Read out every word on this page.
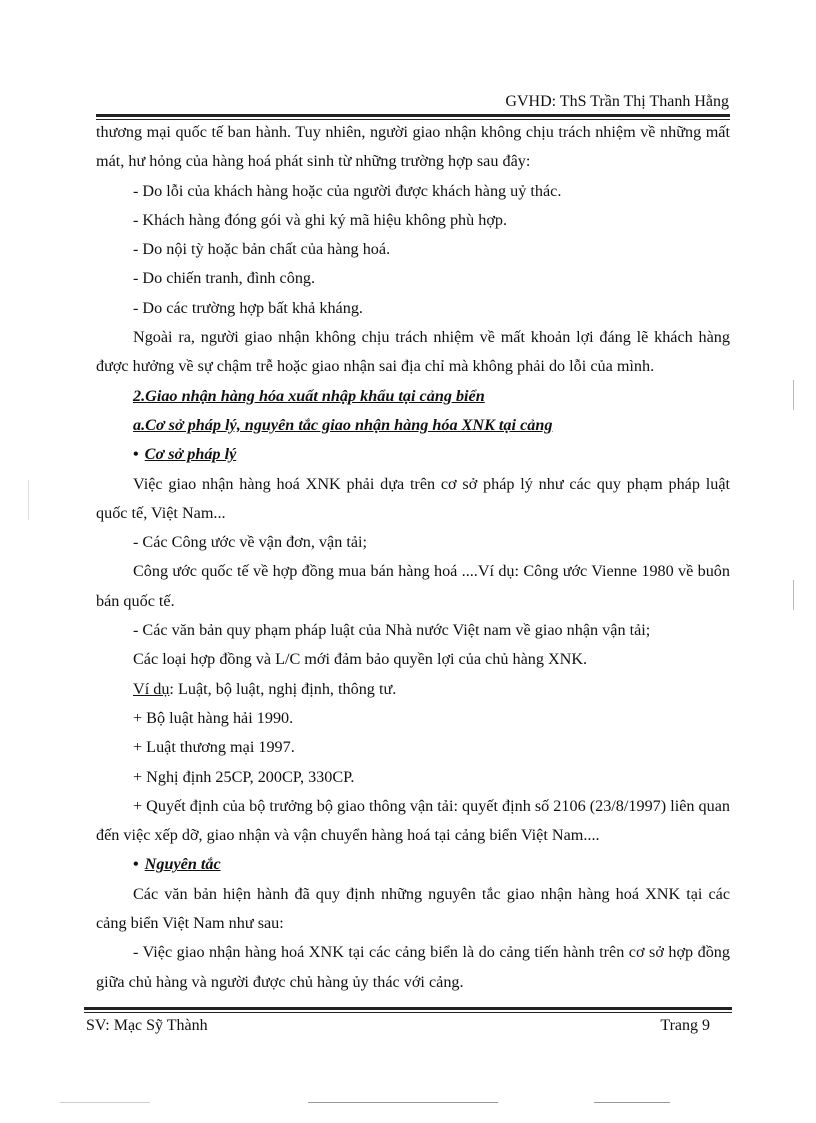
GVHD: ThS Trần Thị Thanh Hằng

thương mại quốc tế ban hành. Tuy nhiên, người giao nhận không chịu trách nhiệm về những mất mát, hư hỏng của hàng hoá phát sinh từ những trường hợp sau đây:

- Do lỗi của khách hàng hoặc của người được khách hàng uỷ thác.

- Khách hàng đóng gói và ghi ký mã hiệu không phù hợp.

- Do nội tỳ hoặc bản chất của hàng hoá.

- Do chiến tranh, đình công.

- Do các trường hợp bất khả kháng.

Ngoài ra, người giao nhận không chịu trách nhiệm về mất khoản lợi đáng lẽ khách hàng được hưởng về sự chậm trễ hoặc giao nhận sai địa chỉ mà không phải do lỗi của mình.

2.Giao nhận hàng hóa xuất nhập khẩu tại cảng biển

a.Cơ sở pháp lý, nguyên tắc giao nhận hàng hóa XNK tại cảng

• Cơ sở pháp lý

Việc giao nhận hàng hoá XNK phải dựa trên cơ sở pháp lý như các quy phạm pháp luật quốc tế, Việt Nam...

- Các Công ước về vận đơn, vận tải;

Công ước quốc tế về hợp đồng mua bán hàng hoá ....Ví dụ: Công ước Vienne 1980 về buôn bán quốc tế.

- Các văn bản quy phạm pháp luật của Nhà nước Việt nam về giao nhận vận tải;

Các loại hợp đồng và L/C mới đảm bảo quyền lợi của chủ hàng XNK.

Ví dụ: Luật, bộ luật, nghị định, thông tư.

+ Bộ luật hàng hải 1990.

+ Luật thương mại 1997.

+ Nghị định 25CP, 200CP, 330CP.

+ Quyết định của bộ trưởng bộ giao thông vận tải: quyết định số 2106 (23/8/1997) liên quan đến việc xếp dỡ, giao nhận và vận chuyển hàng hoá tại cảng biển Việt Nam....

• Nguyên tắc

Các văn bản hiện hành đã quy định những nguyên tắc giao nhận hàng hoá XNK tại các cảng biển Việt Nam như sau:

- Việc giao nhận hàng hoá XNK tại các cảng biển là do cảng tiến hành trên cơ sở hợp đồng giữa chủ hàng và người được chủ hàng ủy thác với cảng.

SV: Mạc Sỹ Thành	Trang 9
